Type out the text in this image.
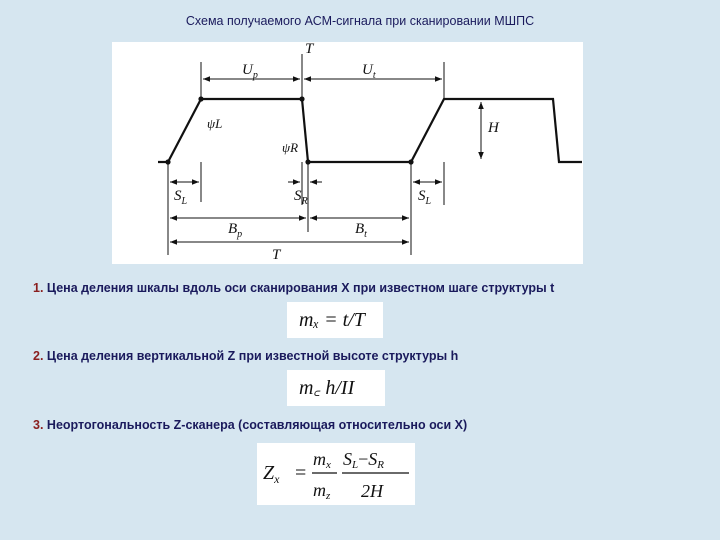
Схема получаемого АСМ-сигнала при сканировании МШПС
T
$U_p$	$U_t$
ψL
ψR
H
$S_L$	$S_R$	$S_L$
$B_p$	$B_t$
T
1. Цена деления шкалы вдоль оси сканирования X при известном шаге структуры t
mₓ = t/T
2. Цена деления вертикальной Z при известной высоте структуры h
m꜀ h/II
3. Неортогональность Z-сканера (составляющая относительно оси X)
$Z_x$ =
mx
mz
SL−SR
2H
